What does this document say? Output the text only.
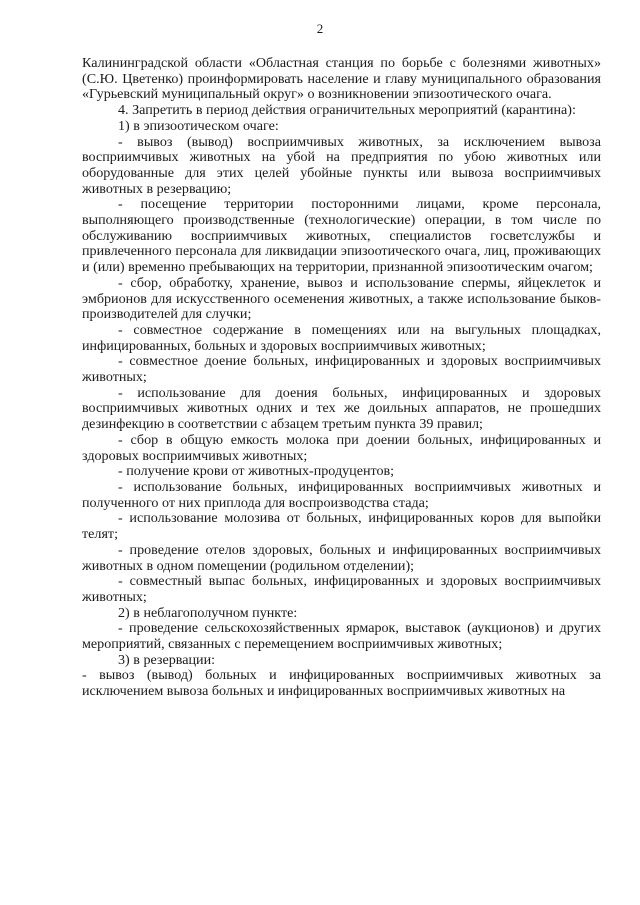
2

Калининградской области «Областная станция по борьбе с болезнями животных» (С.Ю. Цветенко) проинформировать население и главу муниципального образования «Гурьевский муниципальный округ» о возникновении эпизоотического очага.

4. Запретить в период действия ограничительных мероприятий (карантина):

1) в эпизоотическом очаге:

- вывоз (вывод) восприимчивых животных, за исключением вывоза восприимчивых животных на убой на предприятия по убою животных или оборудованные для этих целей убойные пункты или вывоза восприимчивых животных в резервацию;

- посещение территории посторонними лицами, кроме персонала, выполняющего производственные (технологические) операции, в том числе по обслуживанию восприимчивых животных, специалистов госветслужбы и привлеченного персонала для ликвидации эпизоотического очага, лиц, проживающих и (или) временно пребывающих на территории, признанной эпизоотическим очагом;

- сбор, обработку, хранение, вывоз и использование спермы, яйцеклеток и эмбрионов для искусственного осеменения животных, а также использование быков-производителей для случки;

- совместное содержание в помещениях или на выгульных площадках, инфицированных, больных и здоровых восприимчивых животных;

- совместное доение больных, инфицированных и здоровых восприимчивых животных;

- использование для доения больных, инфицированных и здоровых восприимчивых животных одних и тех же доильных аппаратов, не прошедших дезинфекцию в соответствии с абзацем третьим пункта 39 правил;

- сбор в общую емкость молока при доении больных, инфицированных и здоровых восприимчивых животных;

- получение крови от животных-продуцентов;

- использование больных, инфицированных восприимчивых животных и полученного от них приплода для воспроизводства стада;

- использование молозива от больных, инфицированных коров для выпойки телят;

- проведение отелов здоровых, больных и инфицированных восприимчивых животных в одном помещении (родильном отделении);

- совместный выпас больных, инфицированных и здоровых восприимчивых животных;

2) в неблагополучном пункте:

- проведение сельскохозяйственных ярмарок, выставок (аукционов) и других мероприятий, связанных с перемещением восприимчивых животных;

3) в резервации:

- вывоз (вывод) больных и инфицированных восприимчивых животных за исключением вывоза больных и инфицированных восприимчивых животных на
